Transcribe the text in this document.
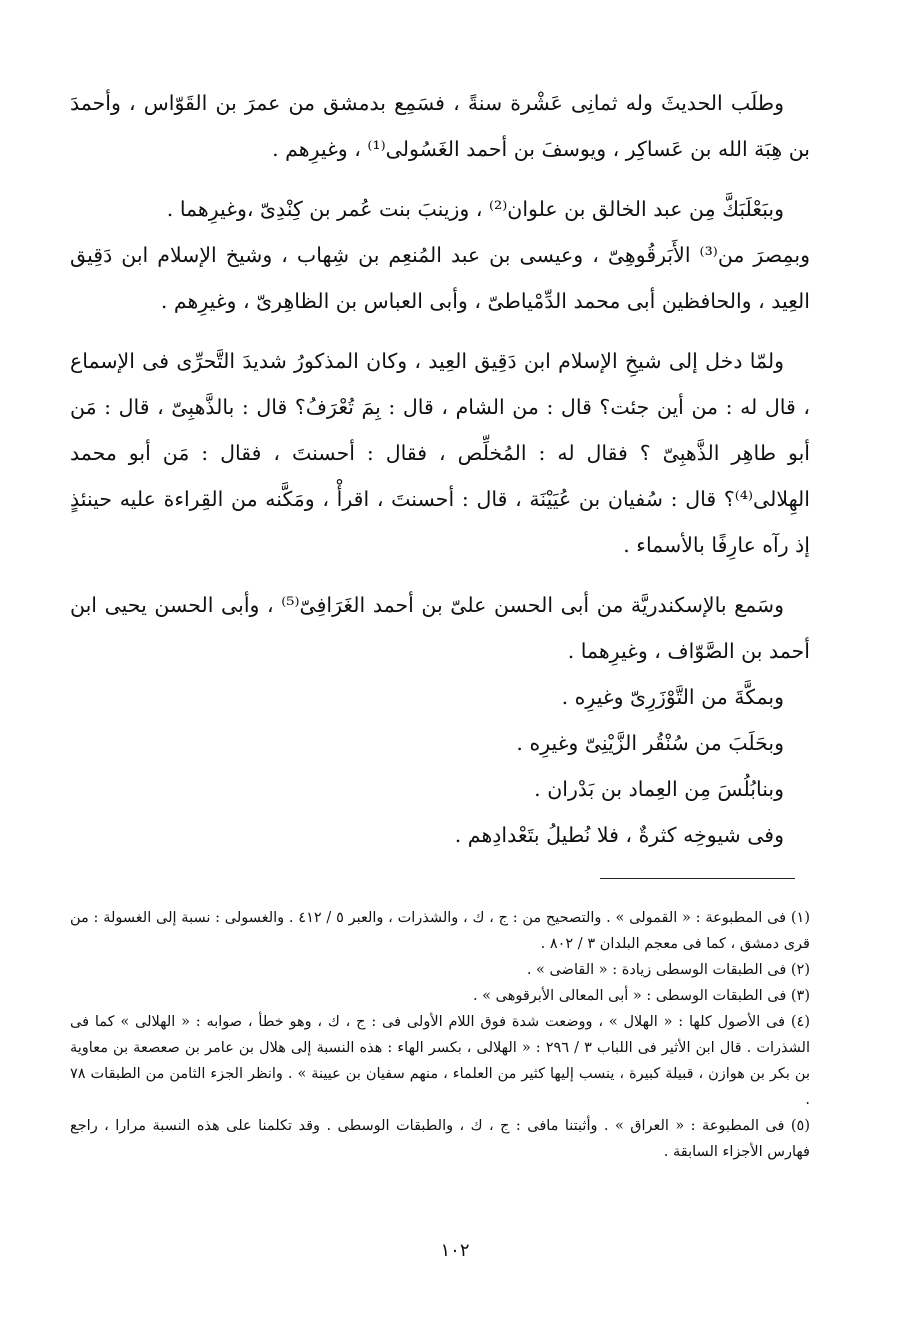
وطلَب الحديثَ وله ثمانِى عَشْرة سنةً ، فسَمِع بدمشق من عمرَ بن القَوّاس ، وأحمدَ بن هِبَة الله بن عَساكِر ، ويوسفَ بن أحمد الغَسُولى⁽¹⁾ ، وغيرِهم .

وببَعْلَبَكَّ مِن عبد الخالق بن علوان⁽²⁾ ، وزينبَ بنت عُمر بن كِنْدِىّ ،وغيرِهما .

وبمِصرَ من⁽³⁾ الأَبَرقُوهِىّ ، وعيسى بن عبد المُنعِم بن شِهاب ، وشيخ الإسلام ابن دَقِيق العِيد ، والحافظين أبى محمد الدِّمْياطىّ ، وأبى العباس بن الظاهِرىّ ، وغيرِهم .

ولمّا دخل إلى شيخِ الإسلام ابن دَقِيق العِيد ، وكان المذكورُ شديدَ التَّحرِّى فى الإسماع ، قال له : من أين جئت؟ قال : من الشام ، قال : بِمَ تُعْرَفُ؟ قال : بالذَّهبِىّ ، قال : مَن أبو طاهِر الذَّهبِىّ ؟ فقال له : المُخلِّص ، فقال : أحسنتَ ، فقال : مَن أبو محمد الهِلالى⁽⁴⁾؟ قال : سُفيان بن عُيَيْنَة ، قال : أحسنتَ ، اقرأْ ، ومَكَّنه من القِراءة عليه حينئذٍ إذ رآه عارِفًا بالأسماء .

وسَمع بالإسكندريَّة من أبى الحسن علىّ بن أحمد الغَرَافِىّ⁽⁵⁾ ، وأبى الحسن يحيى ابن أحمد بن الصَّوّاف ، وغيرِهما .

وبمكَّةَ من التَّوْزَرِىّ وغيرِه .

وبحَلَبَ من سُنْقُر الزَّيْنِىّ وغيرِه .

وبنابُلُسَ مِن العِماد بن بَدْران .

وفى شيوخِه كثرةٌ ، فلا نُطيلُ بتَعْدادِهم .

(١) فى المطبوعة : « القمولى » . والتصحيح من : ج ، ك ، والشذرات ، والعبر ٥ / ٤١٢ . والغسولى : نسبة إلى الغسولة : من قرى دمشق ، كما فى معجم البلدان ٣ / ٨٠٢ .

(٢) فى الطبقات الوسطى زيادة : « القاضى » .

(٣) فى الطبقات الوسطى : « أبى المعالى الأبرقوهى » .

(٤) فى الأصول كلها : « الهلال » ، ووضعت شدة فوق اللام الأولى فى : ج ، ك ، وهو خطأ ، صوابه : « الهلالى » كما فى الشذرات . قال ابن الأثير فى اللباب ٣ / ٢٩٦ : « الهلالى ، بكسر الهاء : هذه النسبة إلى هلال بن عامر بن صعصعة بن معاوية بن بكر بن هوازن ، قبيلة كبيرة ، ينسب إليها كثير من العلماء ، منهم سفيان بن عيينة » . وانظر الجزء الثامن من الطبقات ٧٨ .

(٥) فى المطبوعة : « العراق » . وأثبتنا مافى : ج ، ك ، والطبقات الوسطى . وقد تكلمنا على هذه النسبة مرارا ، راجع فهارس الأجزاء السابقة .

١٠٢
